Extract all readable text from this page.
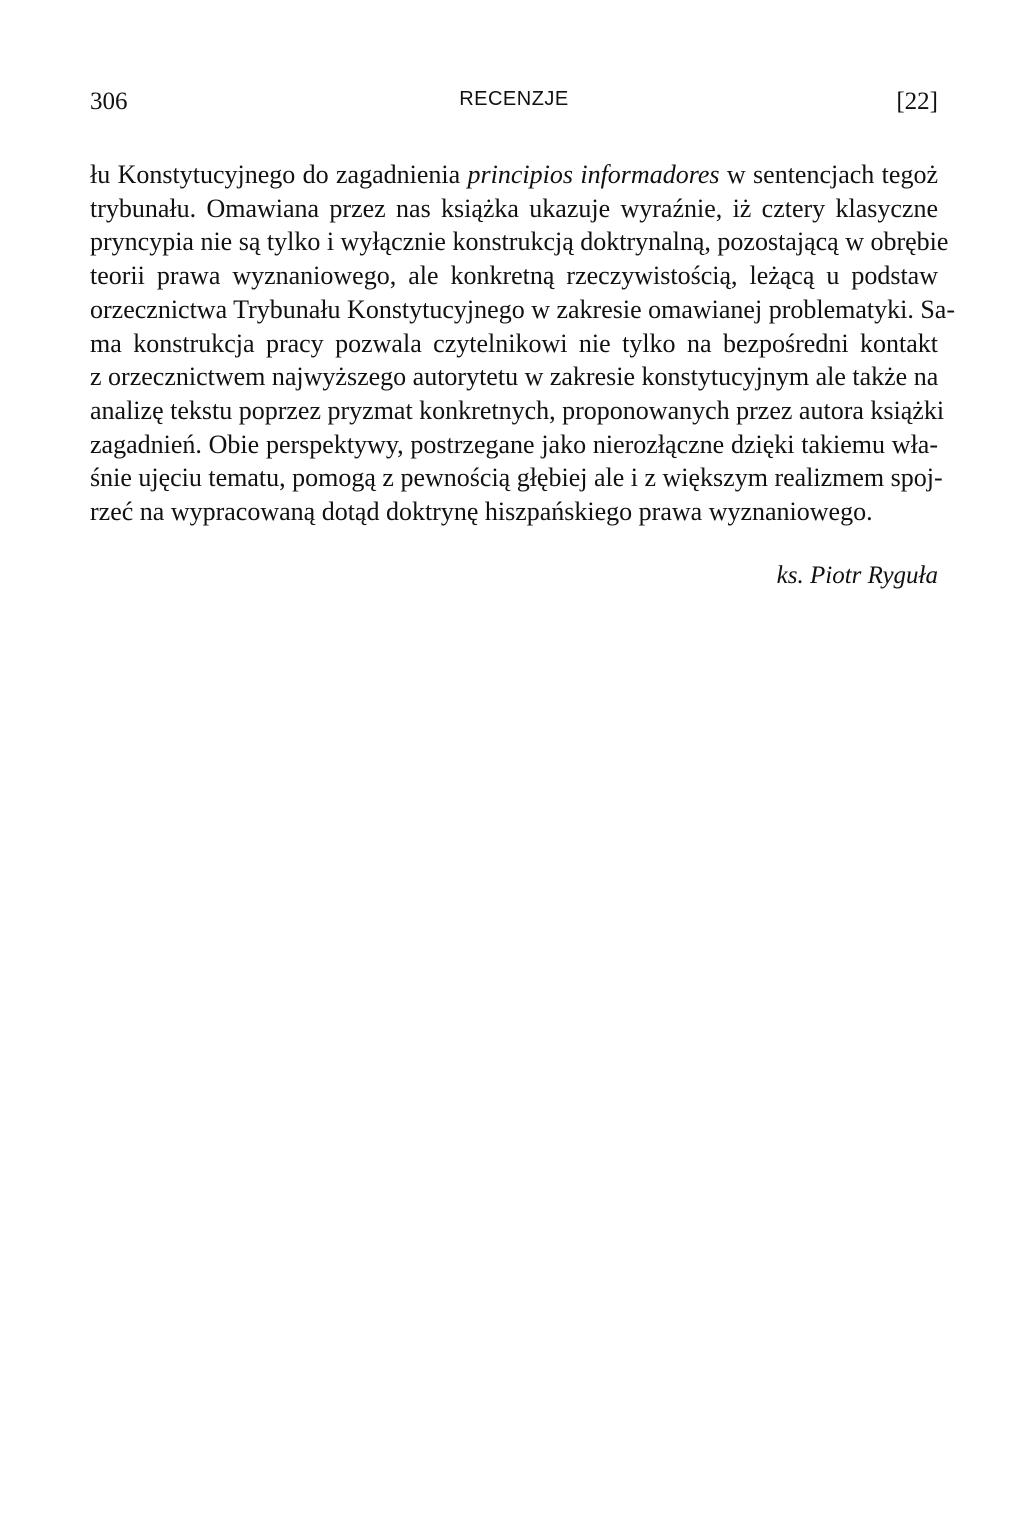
306	RECENZJE	[22]
łu Konstytucyjnego do zagadnienia principios informadores w sentencjach tegoż
trybunału. Omawiana przez nas książka ukazuje wyraźnie, iż cztery klasyczne
pryncypia nie są tylko i wyłącznie konstrukcją doktrynalną, pozostającą w obrębie
teorii prawa wyznaniowego, ale konkretną rzeczywistością, leżącą u podstaw
orzecznictwa Trybunału Konstytucyjnego w zakresie omawianej problematyki. Sa-
ma konstrukcja pracy pozwala czytelnikowi nie tylko na bezpośredni kontakt
z orzecznictwem najwyższego autorytetu w zakresie konstytucyjnym ale także na
analizę tekstu poprzez pryzmat konkretnych, proponowanych przez autora książki
zagadnień. Obie perspektywy, postrzegane jako nierozłączne dzięki takiemu wła-
śnie ujęciu tematu, pomogą z pewnością głębiej ale i z większym realizmem spoj-
rzeć na wypracowaną dotąd doktrynę hiszpańskiego prawa wyznaniowego.
ks. Piotr Ryguła
